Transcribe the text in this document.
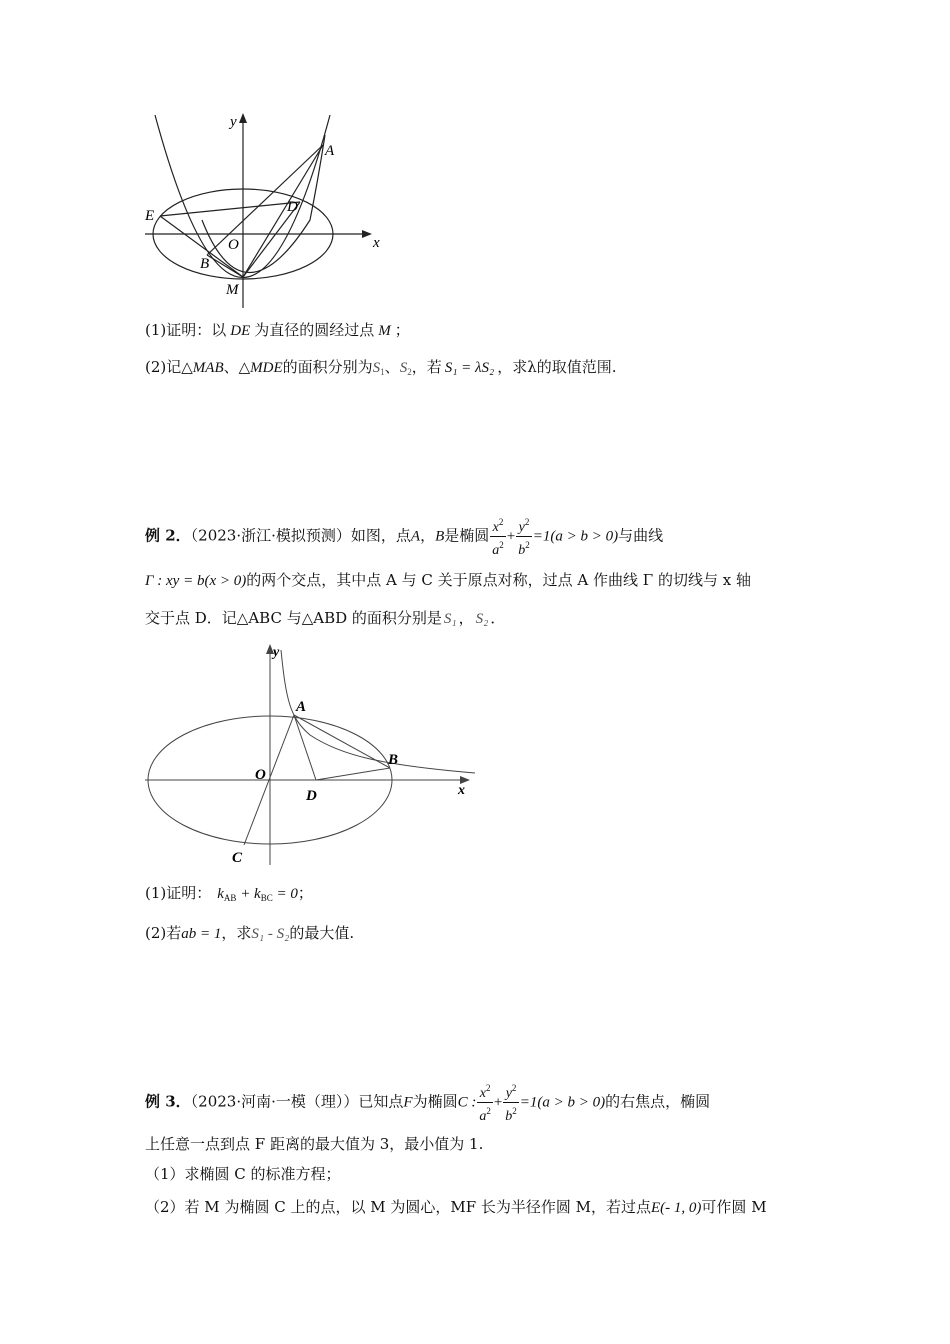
y
A
D
E
O	x
B
M
(1)证明：以 DE 为直径的圆经过点 M ；
(2)记△MAB、△MDE的面积分别为$S_1$、$S_2$，若 S₁ = λS₂ ，求λ的取值范围.
例 2．（2023·浙江·模拟预测）如图，点A，B是椭圆 $\frac{x^2}{a^2} + \frac{y^2}{b^2} =1(a > b > 0)$与曲线
Γ : xy = b(x > 0)的两个交点，其中点 A 与 C 关于原点对称，过点 A 作曲线 Γ 的切线与 x 轴
交于点 D．记△ABC 与△ABD 的面积分别是 S₁ ， S₂ ．
y
A
B
O
D	x
C
(1)证明： $k_{AB} + k_{BC} = 0$；
(2)若ab = 1，求S₁ - S₂的最大值.
例 3．（2023·河南·一模（理））已知点F为椭圆C : $\frac{x^2}{a^2} + \frac{y^2}{b^2} =1(a > b > 0)$的右焦点，椭圆
上任意一点到点 F 距离的最大值为 3，最小值为 1.
（1）求椭圆 C 的标准方程；
（2）若 M 为椭圆 C 上的点，以 M 为圆心，MF 长为半径作圆 M，若过点E(- 1, 0)可作圆 M
